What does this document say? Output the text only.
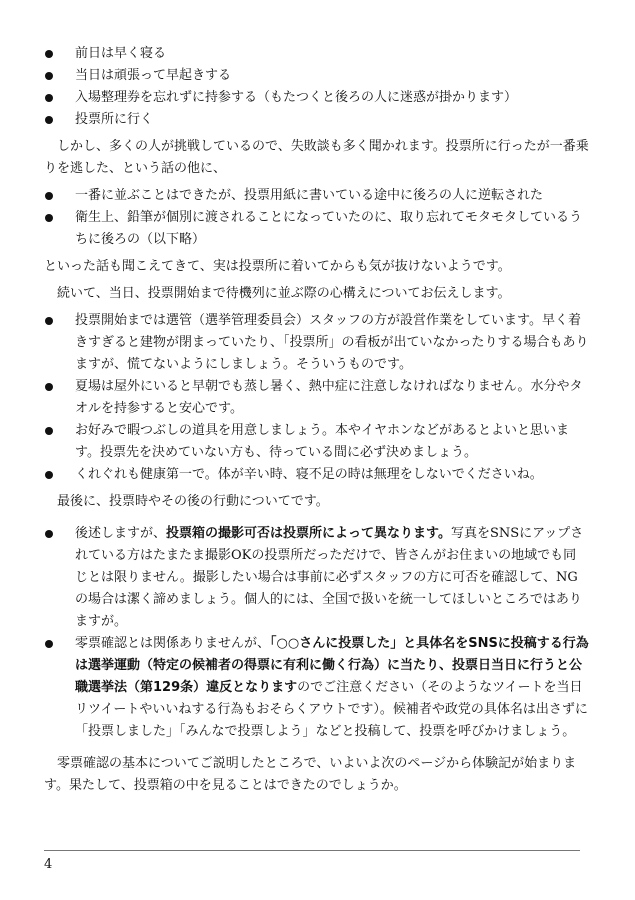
前日は早く寝る
当日は頑張って早起きする
入場整理券を忘れずに持参する（もたつくと後ろの人に迷惑が掛かります）
投票所に行く

しかし、多くの人が挑戦しているので、失敗談も多く聞かれます。投票所に行ったが一番乗りを逃した、という話の他に、

一番に並ぶことはできたが、投票用紙に書いている途中に後ろの人に逆転された
衛生上、鉛筆が個別に渡されることになっていたのに、取り忘れてモタモタしているうちに後ろの（以下略）

といった話も聞こえてきて、実は投票所に着いてからも気が抜けないようです。

続いて、当日、投票開始まで待機列に並ぶ際の心構えについてお伝えします。

投票開始までは選管（選挙管理委員会）スタッフの方が設営作業をしています。早く着きすぎると建物が閉まっていたり、「投票所」の看板が出ていなかったりする場合もありますが、慌てないようにしましょう。そういうものです。
夏場は屋外にいると早朝でも蒸し暑く、熱中症に注意しなければなりません。水分やタオルを持参すると安心です。
お好みで暇つぶしの道具を用意しましょう。本やイヤホンなどがあるとよいと思います。投票先を決めていない方も、待っている間に必ず決めましょう。
くれぐれも健康第一で。体が辛い時、寝不足の時は無理をしないでくださいね。

最後に、投票時やその後の行動についてです。

後述しますが、投票箱の撮影可否は投票所によって異なります。写真をSNSにアップされている方はたまたま撮影OKの投票所だっただけで、皆さんがお住まいの地域でも同じとは限りません。撮影したい場合は事前に必ずスタッフの方に可否を確認して、NGの場合は潔く諦めましょう。個人的には、全国で扱いを統一してほしいところではありますが。
零票確認とは関係ありませんが、「○○さんに投票した」と具体名をSNSに投稿する行為は選挙運動（特定の候補者の得票に有利に働く行為）に当たり、投票日当日に行うと公職選挙法（第129条）違反となりますのでご注意ください（そのようなツイートを当日リツイートやいいねする行為もおそらくアウトです）。候補者や政党の具体名は出さずに「投票しました」「みんなで投票しよう」などと投稿して、投票を呼びかけましょう。

零票確認の基本についてご説明したところで、いよいよ次のページから体験記が始まります。果たして、投票箱の中を見ることはできたのでしょうか。

4
